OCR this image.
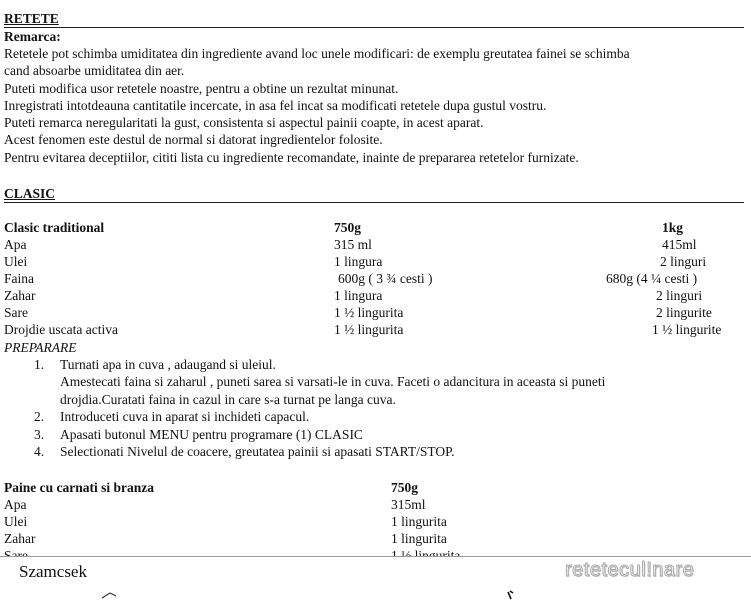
RETETE
Remarca:
Retetele pot schimba umiditatea din ingrediente avand loc unele modificari: de exemplu greutatea fainei se schimba
cand absoarbe umiditatea din aer.
Puteti modifica usor retetele noastre, pentru a obtine un rezultat minunat.
Inregistrati intotdeauna cantitatile incercate, in asa fel incat sa modificati retetele dupa gustul vostru.
Puteti remarca neregularitati la gust, consistenta si aspectul painii coapte, in acest aparat.
Acest fenomen este destul de normal si datorat ingredientelor folosite.
Pentru evitarea deceptiilor, cititi lista cu ingrediente recomandate, inainte de prepararea retetelor furnizate.
CLASIC
Clasic traditional	750g	1kg
Apa	315 ml	415ml
Ulei	1 lingura	2 linguri
Faina	600g ( 3 ¾ cesti )	680g (4 ¼ cesti )
Zahar	1 lingura	2 linguri
Sare	1 ½ lingurita	2 lingurite
Drojdie uscata activa	1 ½ lingurita	1 ½ lingurite
PREPARARE
1. Turnati apa in cuva , adaugand si uleiul.
Amestecati faina si zaharul , puneti sarea si varsati-le in cuva. Faceti o adancitura in aceasta si puneti
drojdia.Curatati faina in cazul in care s-a turnat pe langa cuva.
2. Introduceti cuva in aparat si inchideti capacul.
3. Apasati butonul MENU pentru programare (1) CLASIC
4. Selectionati Nivelul de coacere, greutatea painii si apasati START/STOP.
Paine cu carnati si branza	750g
Apa	315ml
Ulei	1 lingurita
Zahar	1 lingurita
Szamcsek	retetecul!nare
